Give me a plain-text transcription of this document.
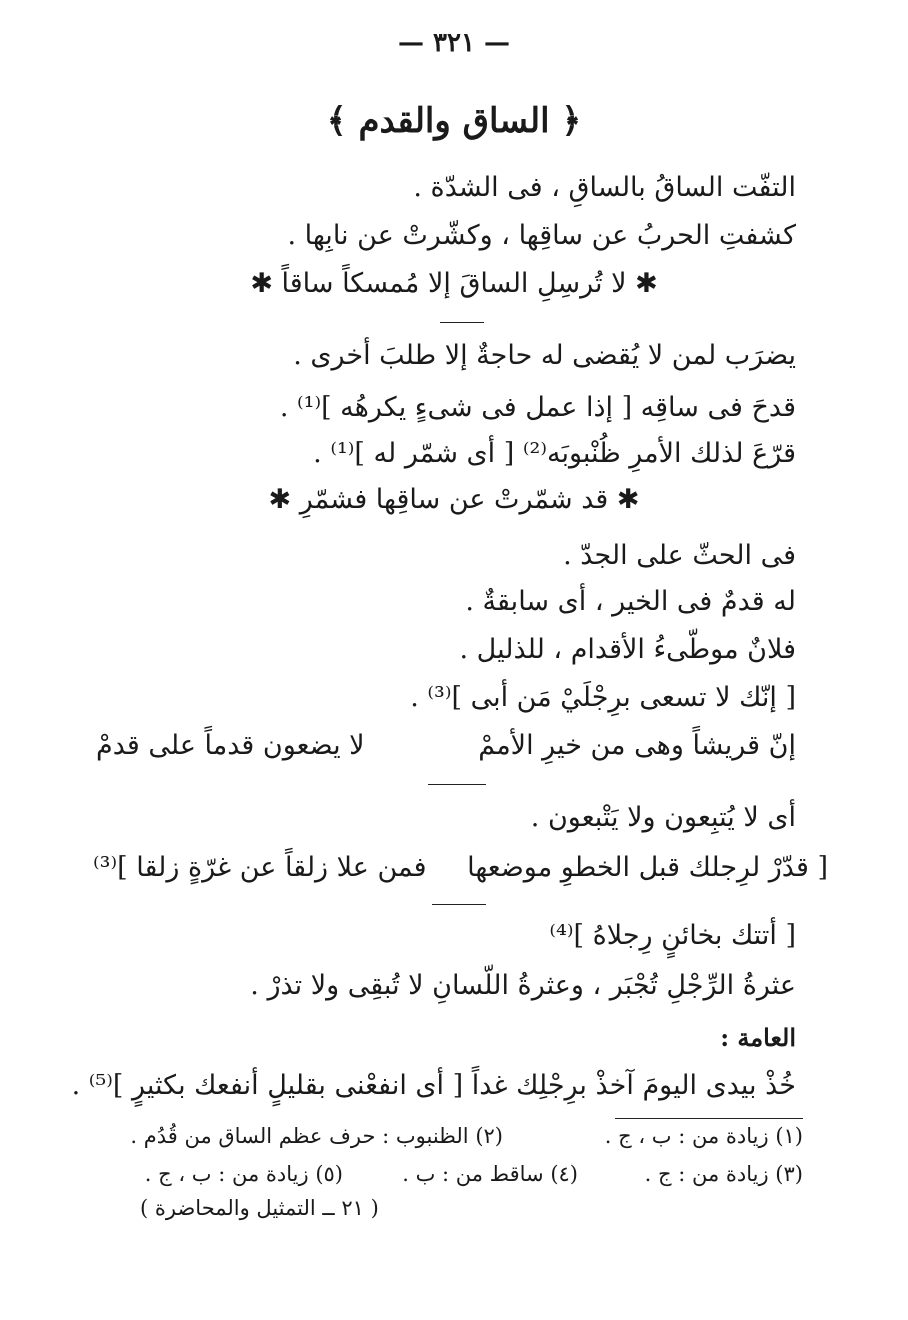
— ٣٢١ —
﴿ الساق والقدم ﴾
التفّت الساقُ بالساقِ ، فى الشدّة .
كشفتِ الحربُ عن ساقِها ، وكشّرتْ عن نابِها .
✱ لا تُرسِلِ الساقَ إلا مُمسكاً ساقاً ✱
يضرَب لمن لا يُقضى له حاجةٌ إلا طلبَ أخرى .
قدحَ فى ساقِه [ إذا عمل فى شىءٍ يكرهُه ]⁽¹⁾ .
قرّعَ لذلك الأمرِ ظُنْبوبَه⁽²⁾ [ أى شمّر له ]⁽¹⁾ .
✱ قد شمّرتْ عن ساقِها فشمّرِ ✱
فى الحثّ على الجدّ .
له قدمٌ فى الخير ، أى سابقةٌ .
فلانٌ موطّىءُ الأقدام ، للذليل .
[ إنّك لا تسعى برِجْلَيْ مَن أبى ]⁽³⁾ .
إنّ قريشاً وهى من خيرِ الأممْ
لا يضعون قدماً على قدمْ
أى لا يُتبِعون ولا يَتْبعون .
[ قدّرْ لرِجلك قبل الخطوِ موضعها
فمن علا زلقاً عن غرّةٍ زلقا ]⁽³⁾
[ أتتك بخائنٍ رِجلاهُ ]⁽⁴⁾
عثرةُ الرِّجْلِ تُجْبَر ، وعثرةُ اللّسانِ لا تُبقِى ولا تذرْ .
العامة :
خُذْ بيدى اليومَ آخذْ برِجْلِك غداً [ أى انفعْنى بقليلٍ أنفعك بكثيرٍ ]⁽⁵⁾ .
(١) زيادة من : ب ، ج .
(٢) الظنبوب : حرف عظم الساق من قُدُم .
(٣) زيادة من : ج .
(٤) ساقط من : ب .
(٥) زيادة من : ب ، ج .
( ٢١ ــ التمثيل والمحاضرة )
